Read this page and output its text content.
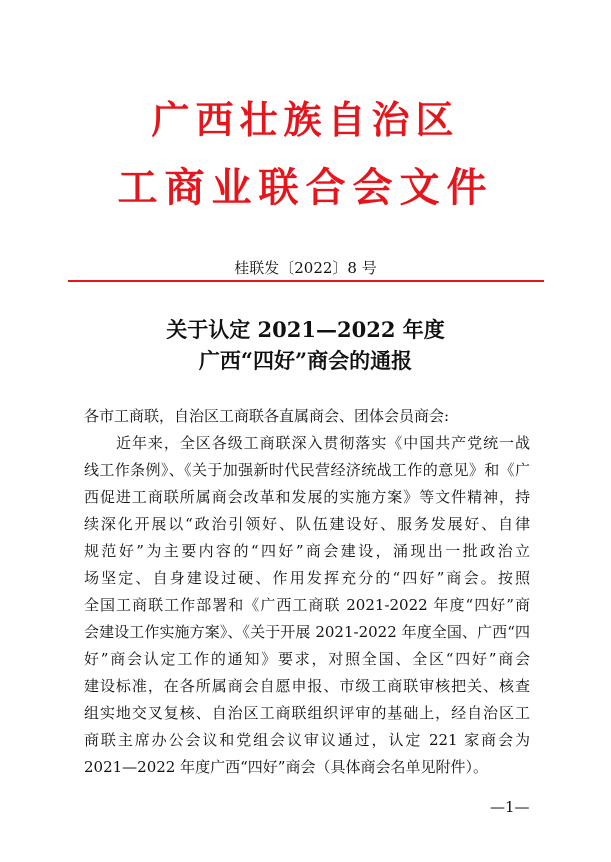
广西壮族自治区
工商业联合会文件
桂联发〔2022〕8 号
关于认定 2021—2022 年度
广西“四好”商会的通报
各市工商联，自治区工商联各直属商会、团体会员商会:
近年来，全区各级工商联深入贯彻落实《中国共产党统一战
线工作条例》、《关于加强新时代民营经济统战工作的意见》和《广
西促进工商联所属商会改革和发展的实施方案》等文件精神，持
续深化开展以“政治引领好、队伍建设好、服务发展好、自律
规范好”为主要内容的“四好”商会建设，涌现出一批政治立
场坚定、自身建设过硬、作用发挥充分的“四好”商会。按照
全国工商联工作部署和《广西工商联 2021-2022 年度“四好”商
会建设工作实施方案》、《关于开展 2021-2022 年度全国、广西“四
好”商会认定工作的通知》要求，对照全国、全区“四好”商会
建设标准，在各所属商会自愿申报、市级工商联审核把关、核查
组实地交叉复核、自治区工商联组织评审的基础上，经自治区工
商联主席办公会议和党组会议审议通过，认定 221 家商会为
2021—2022 年度广西“四好”商会（具体商会名单见附件）。
—1—
